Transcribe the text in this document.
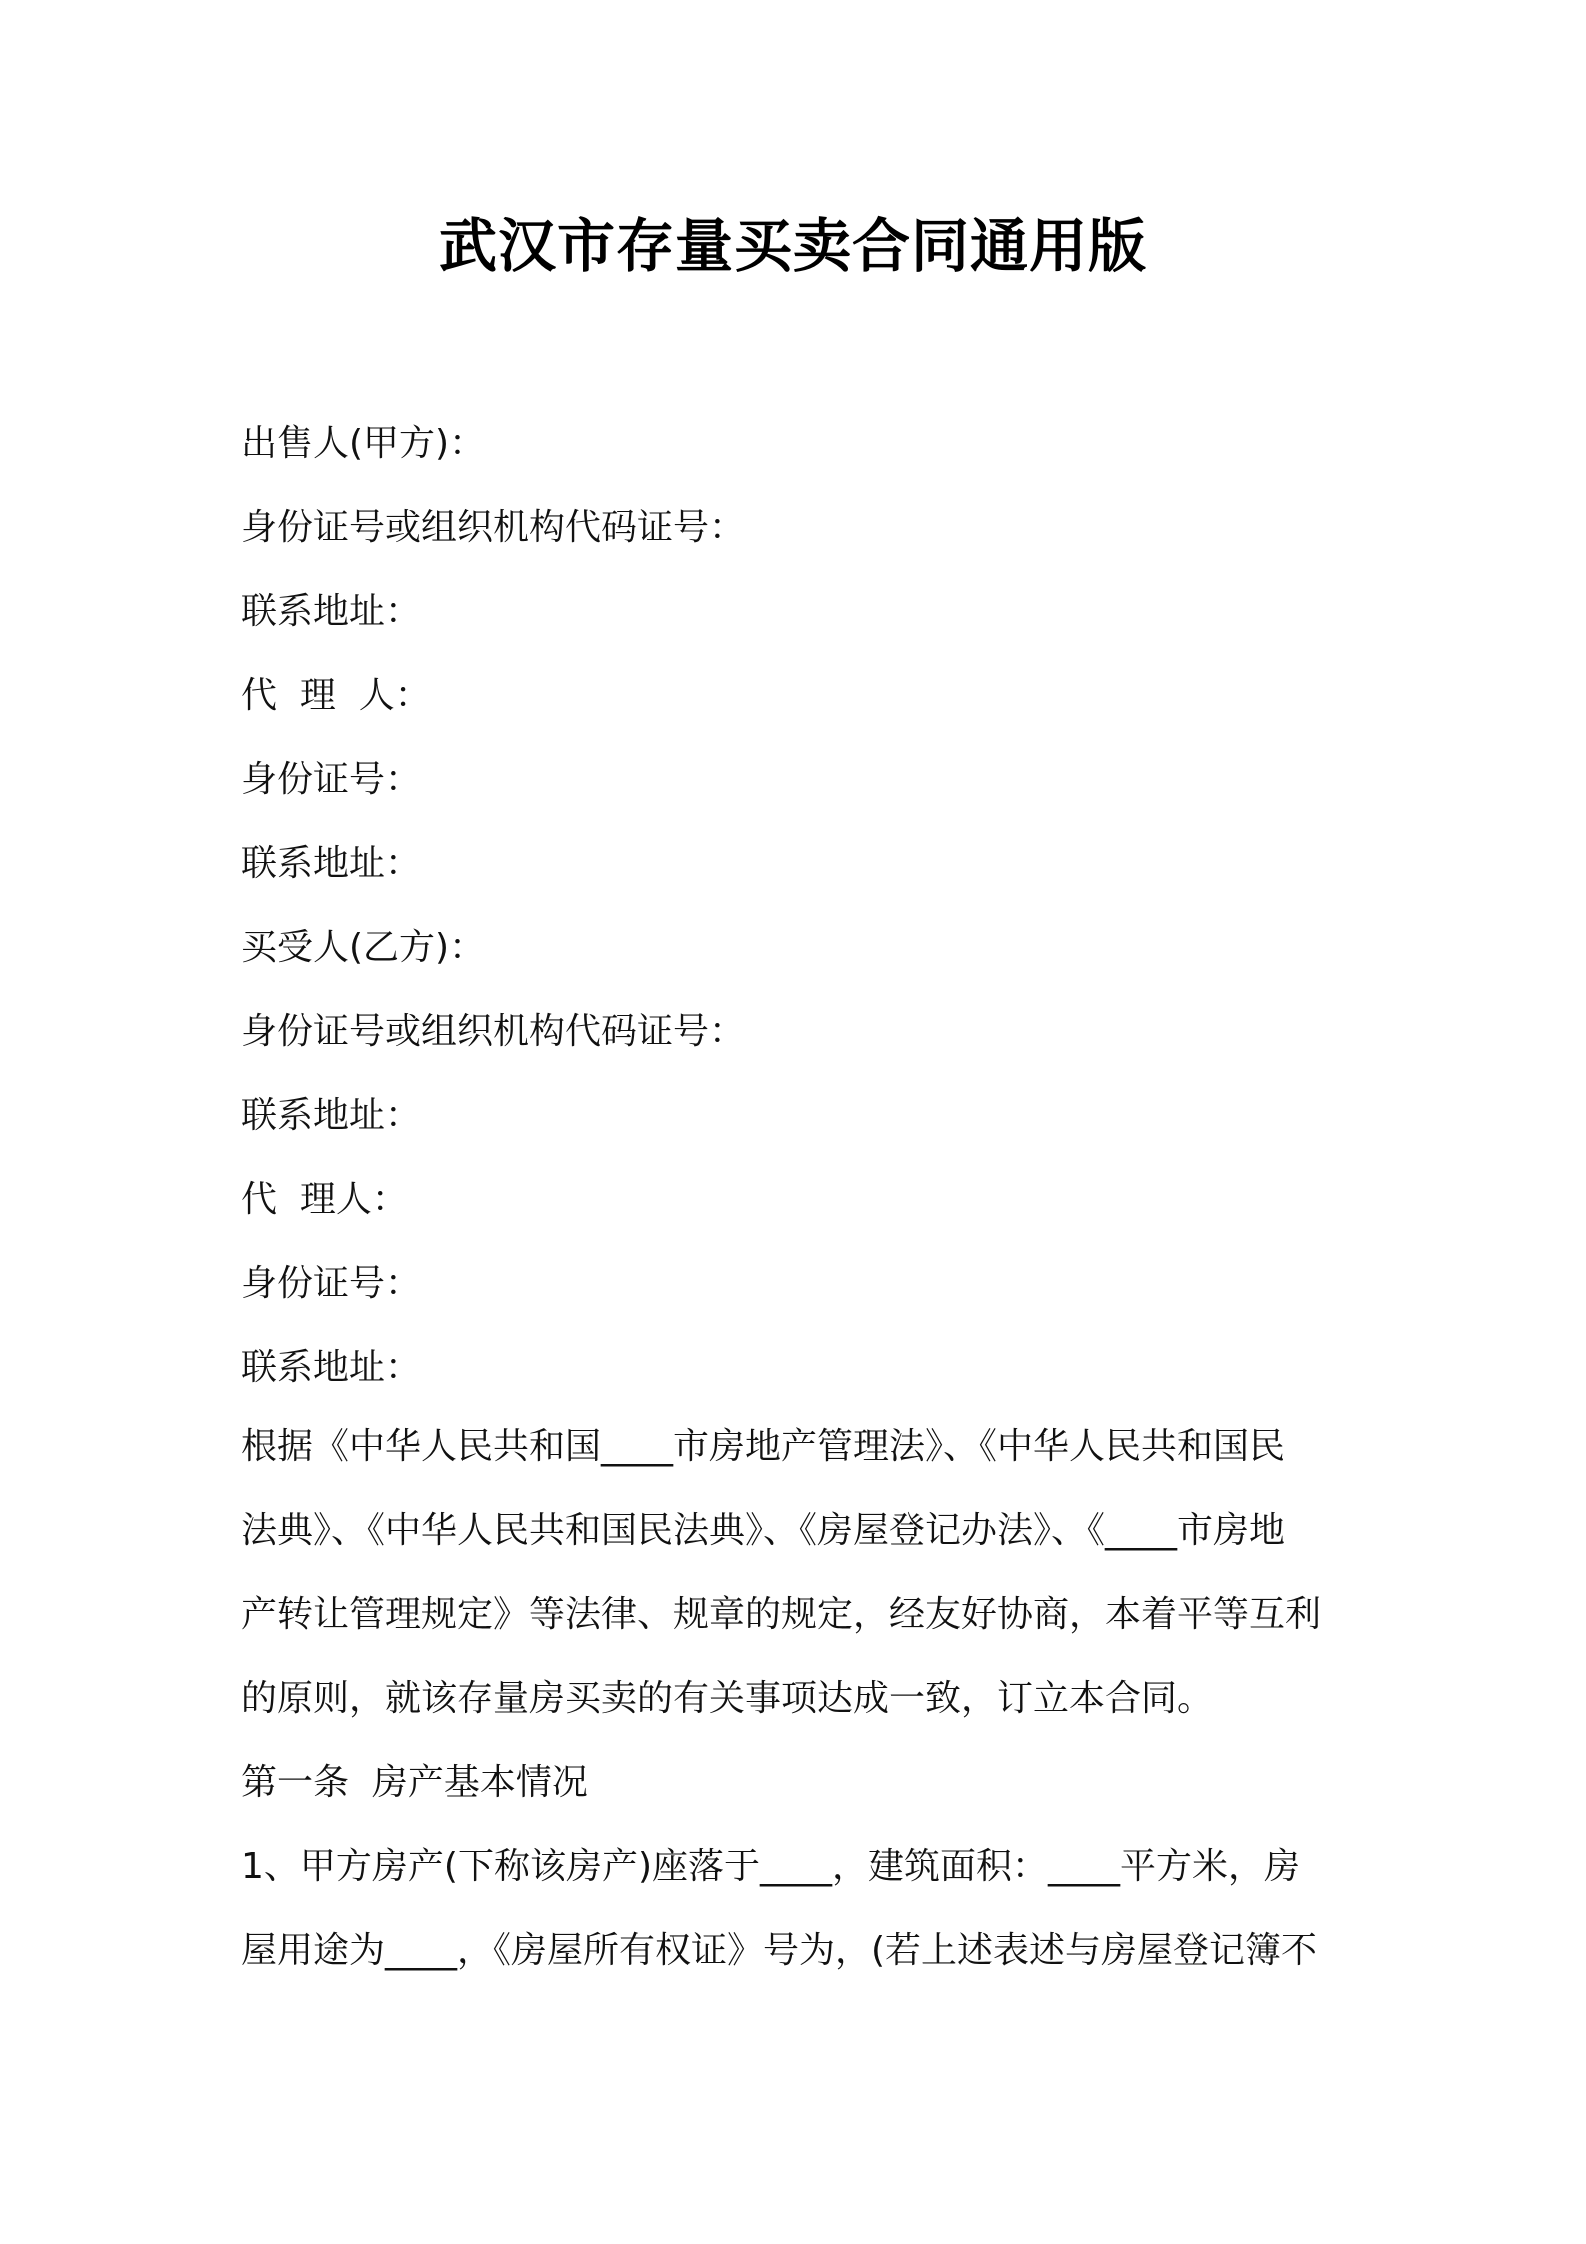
武汉市存量买卖合同通用版
出售人(甲方)：
身份证号或组织机构代码证号：
联系地址：
代  理  人：
身份证号：
联系地址：
买受人(乙方)：
身份证号或组织机构代码证号：
联系地址：
代  理人：
身份证号：
联系地址：
根据《中华人民共和国____市房地产管理法》、《中华人民共和国民
法典》、《中华人民共和国民法典》、《房屋登记办法》、《____市房地
产转让管理规定》等法律、规章的规定，经友好协商，本着平等互利
的原则，就该存量房买卖的有关事项达成一致，订立本合同。
第一条  房产基本情况
1、甲方房产(下称该房产)座落于____，建筑面积：____平方米，房
屋用途为____，《房屋所有权证》号为，(若上述表述与房屋登记簿不
